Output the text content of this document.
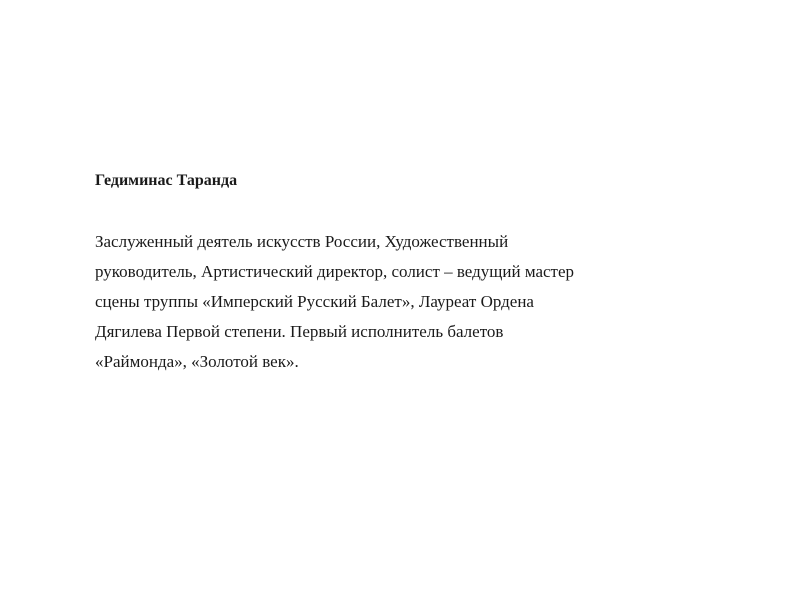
Гедиминас Таранда

Заслуженный деятель искусств России, Художественный

руководитель, Артистический директор, солист – ведущий мастер

сцены труппы «Имперский Русский Балет», Лауреат Ордена

Дягилева Первой степени. Первый исполнитель балетов

«Раймонда», «Золотой век».
